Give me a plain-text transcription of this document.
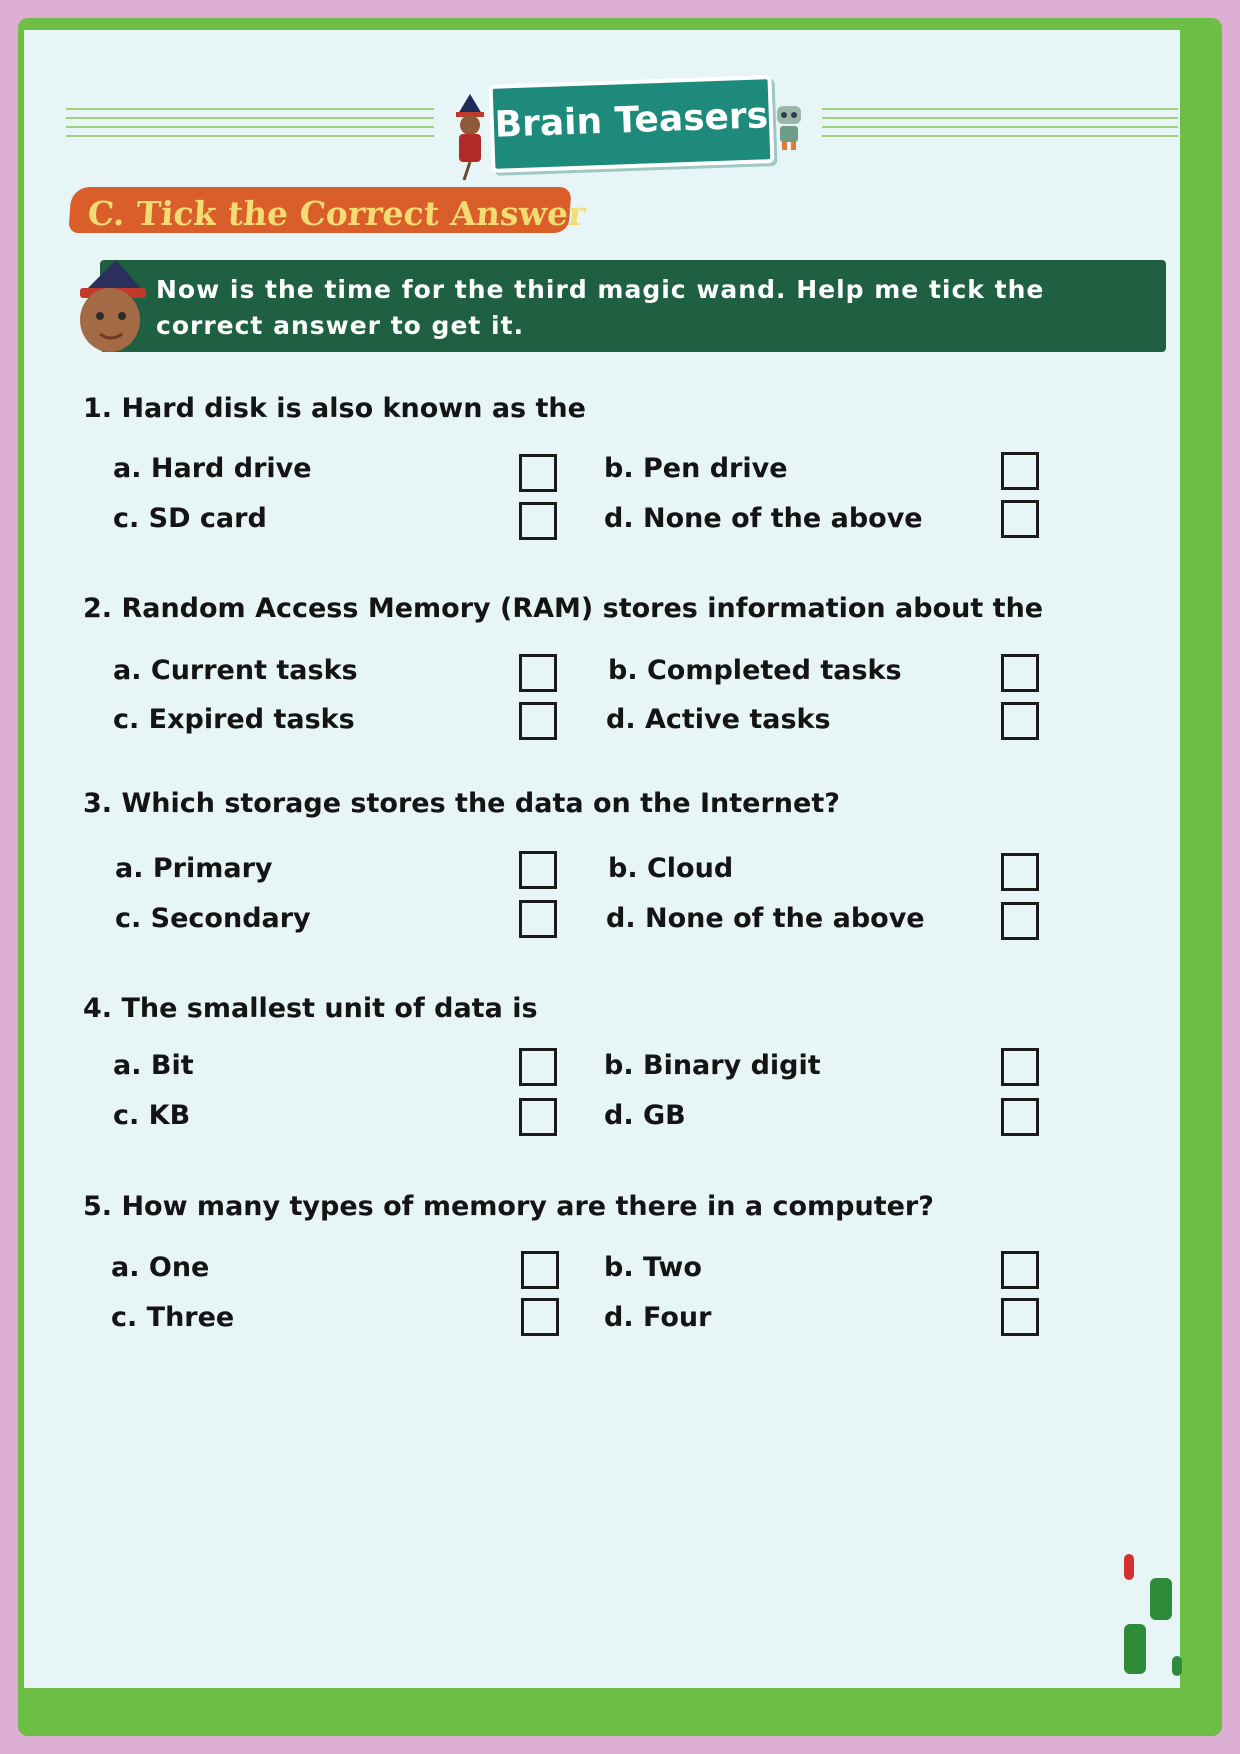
Brain Teasers
C. Tick the Correct Answer
Now is the time for the third magic wand. Help me tick the correct answer to get it.
1. Hard disk is also known as the
a. Hard drive	b. Pen drive
c. SD card	d. None of the above
2. Random Access Memory (RAM) stores information about the
a. Current tasks	b. Completed tasks
c. Expired tasks	d. Active tasks
3. Which storage stores the data on the Internet?
a. Primary	b. Cloud
c. Secondary	d. None of the above
4. The smallest unit of data is
a. Bit	b. Binary digit
c. KB	d. GB
5. How many types of memory are there in a computer?
a. One	b. Two
c. Three	d. Four
